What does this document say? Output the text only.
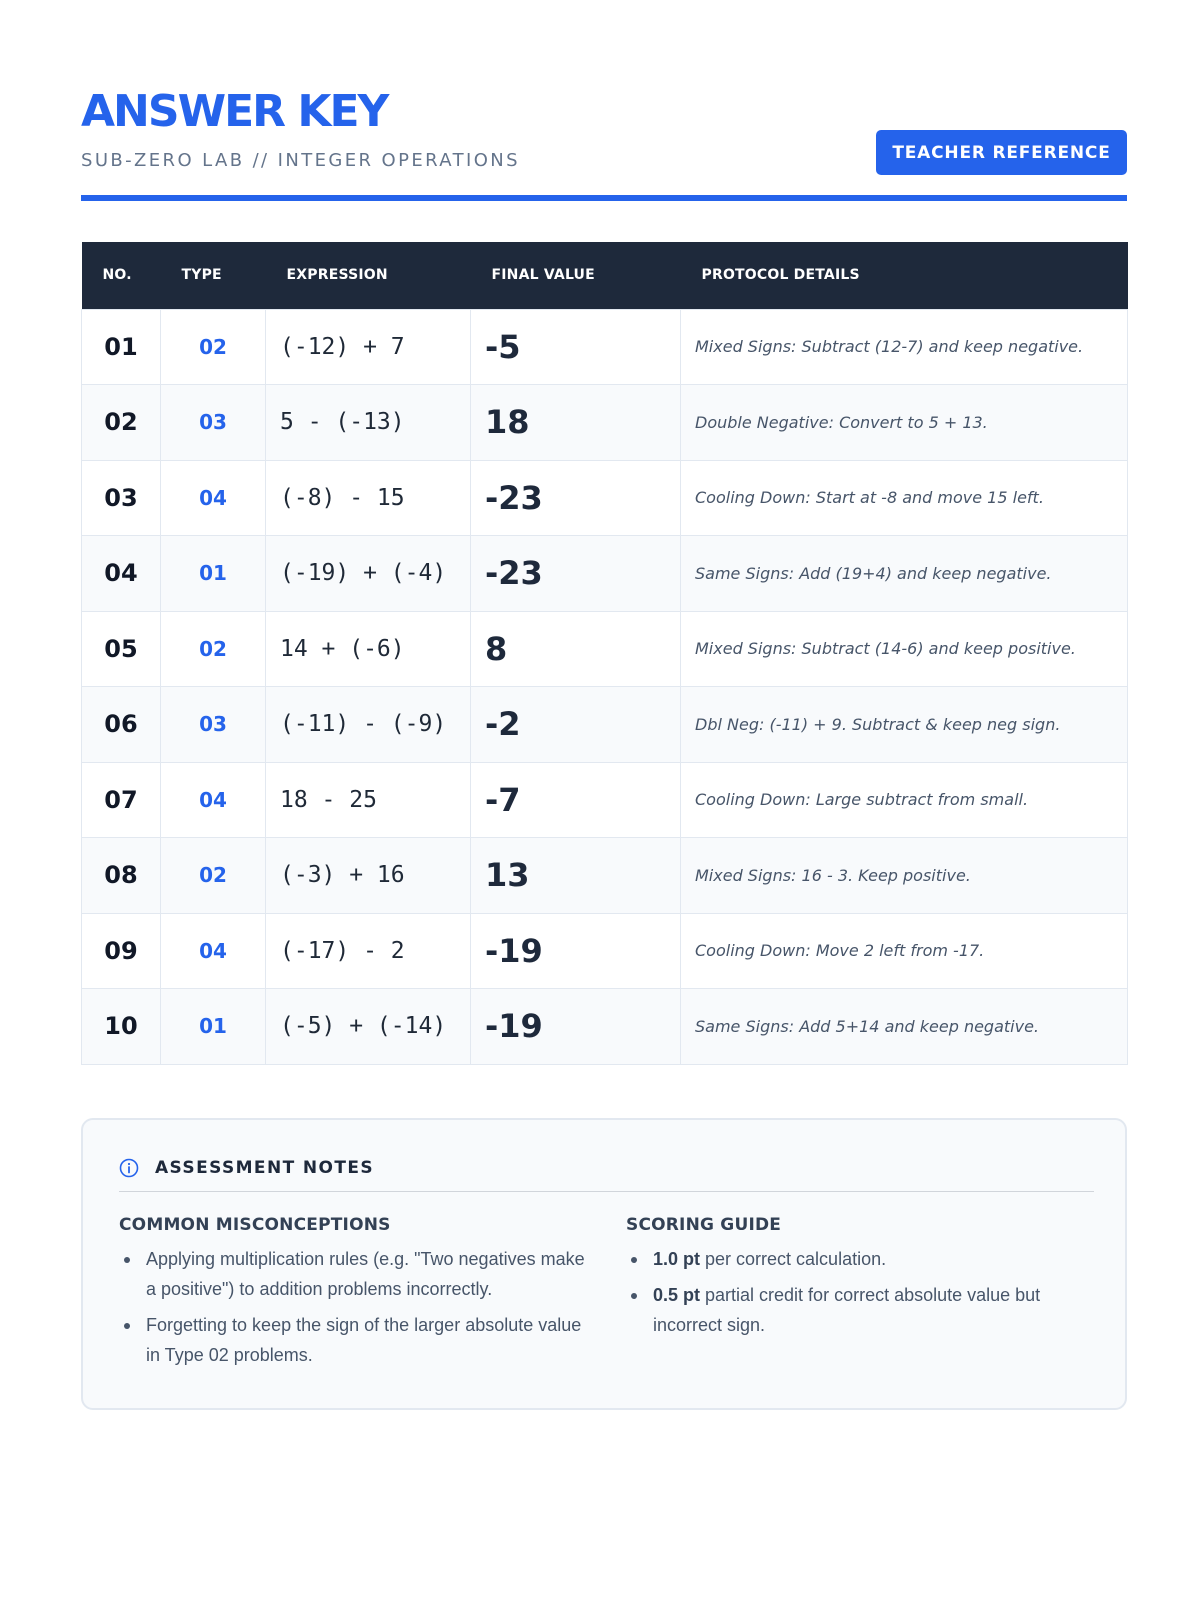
ANSWER KEY
SUB-ZERO LAB // INTEGER OPERATIONS	TEACHER REFERENCE
NO.	TYPE	EXPRESSION	FINAL VALUE	PROTOCOL DETAILS
01	02	(-12) + 7	-5	Mixed Signs: Subtract (12-7) and keep negative.
02	03	5 - (-13)	18	Double Negative: Convert to 5 + 13.
03	04	(-8) - 15	-23	Cooling Down: Start at -8 and move 15 left.
04	01	(-19) + (-4)	-23	Same Signs: Add (19+4) and keep negative.
05	02	14 + (-6)	8	Mixed Signs: Subtract (14-6) and keep positive.
06	03	(-11) - (-9)	-2	Dbl Neg: (-11) + 9. Subtract & keep neg sign.
07	04	18 - 25	-7	Cooling Down: Large subtract from small.
08	02	(-3) + 16	13	Mixed Signs: 16 - 3. Keep positive.
09	04	(-17) - 2	-19	Cooling Down: Move 2 left from -17.
10	01	(-5) + (-14)	-19	Same Signs: Add 5+14 and keep negative.
ASSESSMENT NOTES
COMMON MISCONCEPTIONS
Applying multiplication rules (e.g. "Two negatives make a positive") to addition problems incorrectly.
Forgetting to keep the sign of the larger absolute value in Type 02 problems.
SCORING GUIDE
1.0 pt per correct calculation.
0.5 pt partial credit for correct absolute value but incorrect sign.
